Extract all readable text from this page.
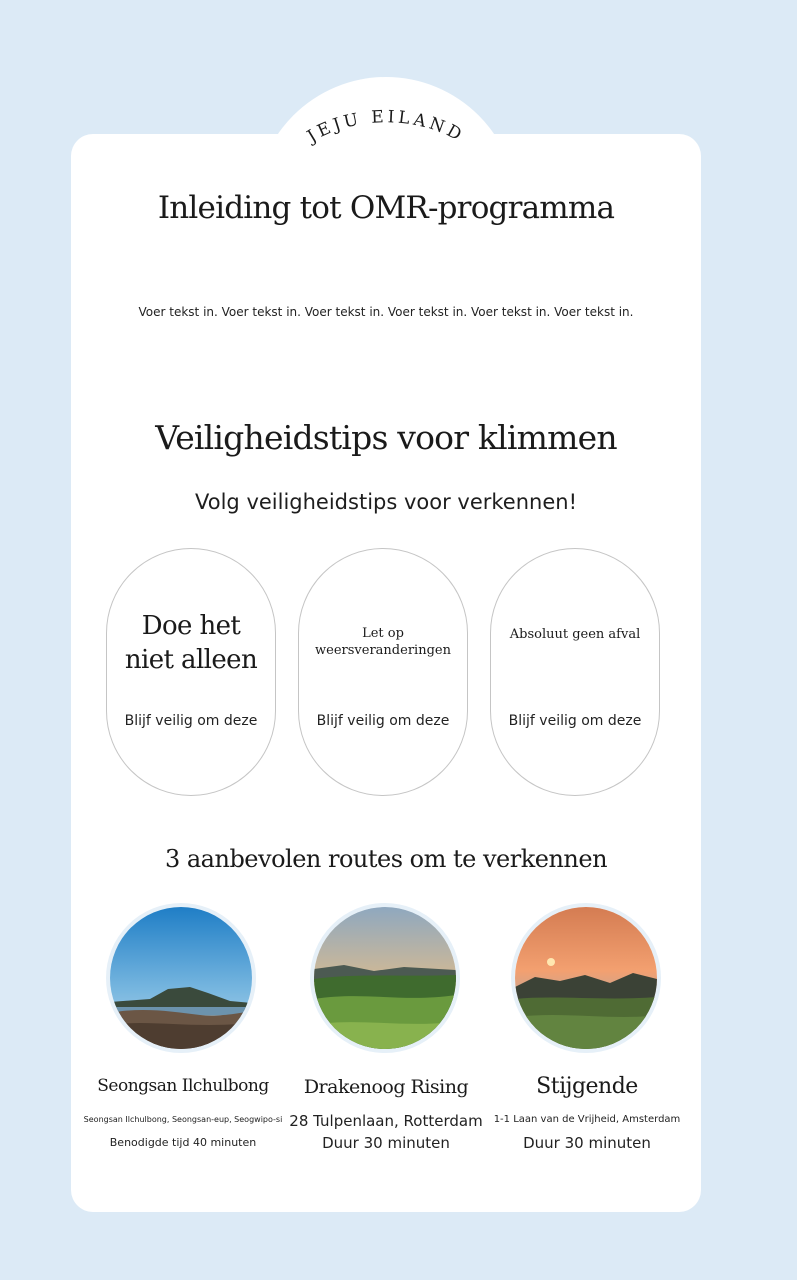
JEJU EILAND
Inleiding tot OMR-programma
Voer tekst in. Voer tekst in. Voer tekst in. Voer tekst in. Voer tekst in. Voer tekst in.
Veiligheidstips voor klimmen
Volg veiligheidstips voor verkennen!
Doe het
niet alleen
Blijf veilig om deze
Let op
weersveranderingen
Blijf veilig om deze
Absoluut geen afval
Blijf veilig om deze
3 aanbevolen routes om te verkennen
Seongsan Ilchulbong
Seongsan Ilchulbong, Seongsan-eup, Seogwipo-si
Benodigde tijd 40 minuten
Drakenoog Rising
28 Tulpenlaan, Rotterdam
Duur 30 minuten
Stijgende
1-1 Laan van de Vrijheid, Amsterdam
Duur 30 minuten
